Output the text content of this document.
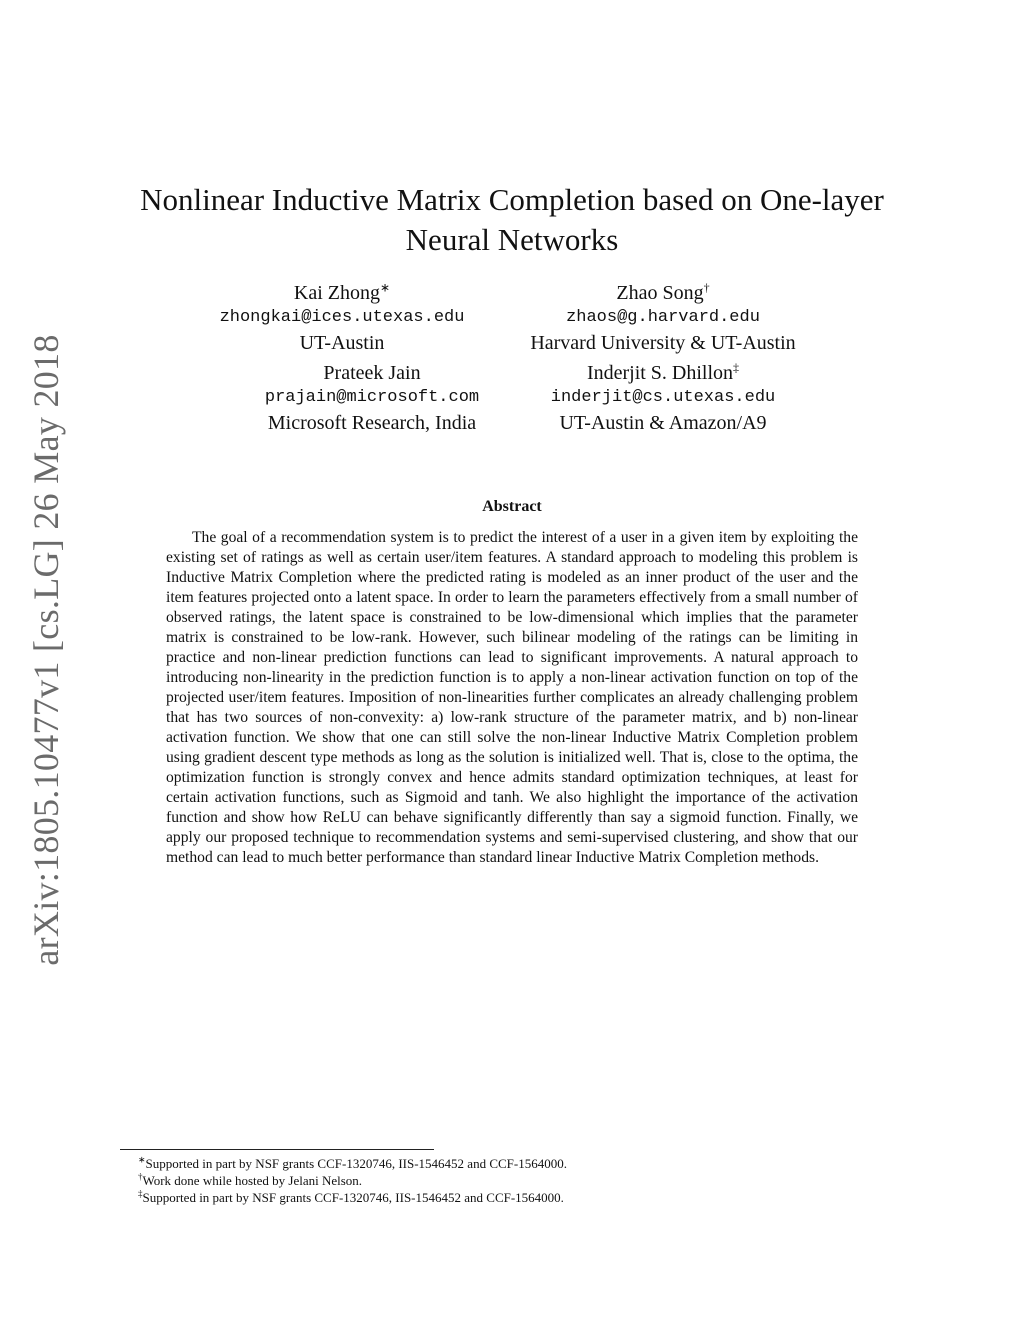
arXiv:1805.10477v1 [cs.LG] 26 May 2018
Nonlinear Inductive Matrix Completion based on One-layer Neural Networks
Kai Zhong∗
zhongkai@ices.utexas.edu
UT-Austin
Zhao Song†
zhaos@g.harvard.edu
Harvard University & UT-Austin
Prateek Jain
prajain@microsoft.com
Microsoft Research, India
Inderjit S. Dhillon‡
inderjit@cs.utexas.edu
UT-Austin & Amazon/A9
Abstract

The goal of a recommendation system is to predict the interest of a user in a given item by exploiting the existing set of ratings as well as certain user/item features. A standard approach to modeling this problem is Inductive Matrix Completion where the predicted rating is modeled as an inner product of the user and the item features projected onto a latent space. In order to learn the parameters effectively from a small number of observed ratings, the latent space is constrained to be low-dimensional which implies that the parameter matrix is constrained to be low-rank. However, such bilinear modeling of the ratings can be limiting in practice and non-linear prediction functions can lead to significant improvements. A natural approach to introducing non-linearity in the prediction function is to apply a non-linear activation function on top of the projected user/item features. Imposition of non-linearities further complicates an already challenging problem that has two sources of non-convexity: a) low-rank structure of the parameter matrix, and b) non-linear activation function. We show that one can still solve the non-linear Inductive Matrix Completion problem using gradient descent type methods as long as the solution is initialized well. That is, close to the optima, the optimization function is strongly convex and hence admits standard optimization techniques, at least for certain activation functions, such as Sigmoid and tanh. We also highlight the importance of the activation function and show how ReLU can behave significantly differently than say a sigmoid function. Finally, we apply our proposed technique to recommendation systems and semi-supervised clustering, and show that our method can lead to much better performance than standard linear Inductive Matrix Completion methods.

∗Supported in part by NSF grants CCF-1320746, IIS-1546452 and CCF-1564000.
†Work done while hosted by Jelani Nelson.
‡Supported in part by NSF grants CCF-1320746, IIS-1546452 and CCF-1564000.
